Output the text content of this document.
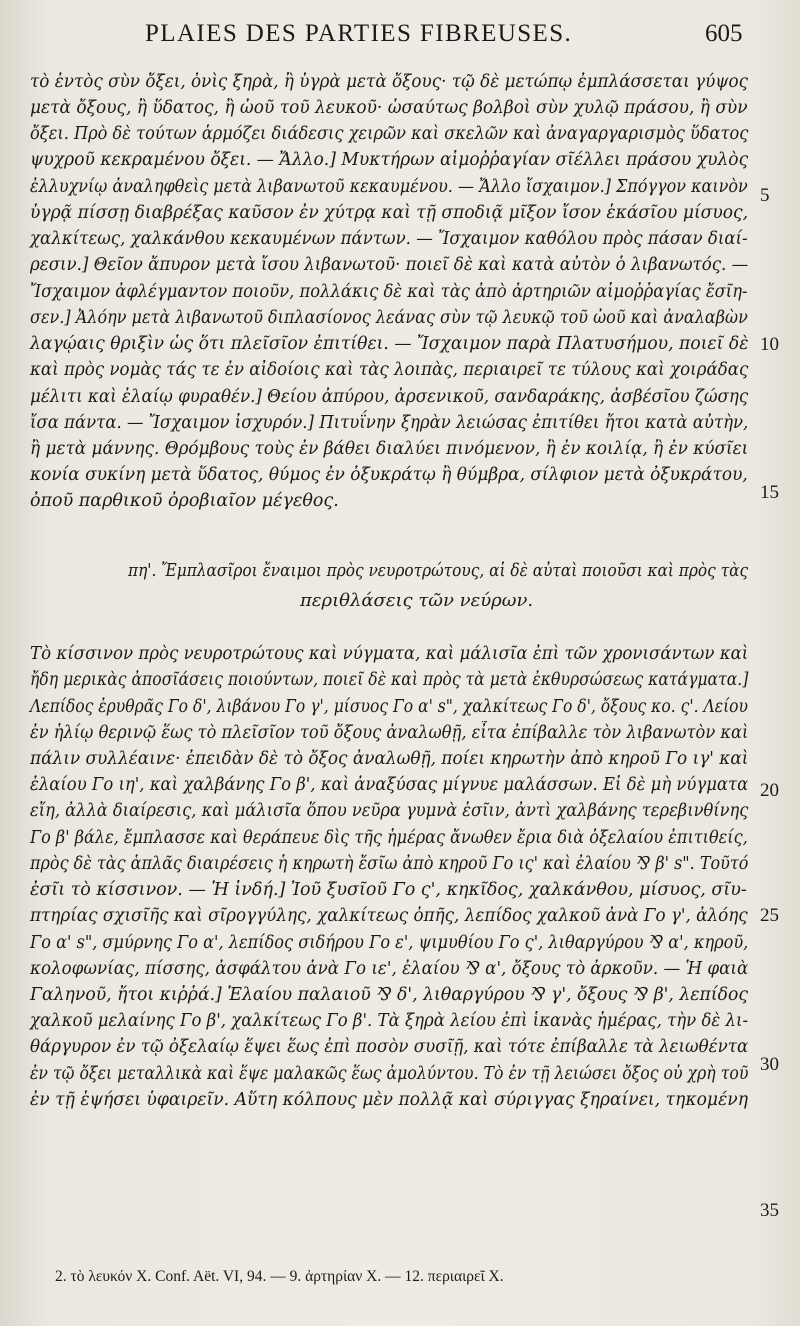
PLAIES DES PARTIES FIBREUSES.	605
τὸ ἐντὸς σὺν ὄξει, ὀνὶς ξηρὰ, ἢ ὑγρὰ μετὰ ὄξους· τῷ δὲ μετώπῳ ἐμπλάσσεται γύψος
μετὰ ὄξους, ἢ ὕδατος, ἢ ὠοῦ τοῦ λευκοῦ· ὡσαύτως βολβοὶ σὺν χυλῷ πράσου, ἢ σὺν
ὄξει. Πρὸ δὲ τούτων ἁρμόζει διάδεσις χειρῶν καὶ σκελῶν καὶ ἀναγαργαρισμὸς ὕδατος
ψυχροῦ κεκραμένου ὄξει. — Ἄλλο.] Μυκτήρων αἱμοῤῥαγίαν σῖέλλει πράσου χυλὸς
ἐλλυχνίῳ ἀναληφθεὶς μετὰ λιβανωτοῦ κεκαυμένου. — Ἄλλο ἴσχαιμον.] Σπόγγον καινὸν
ὑγρᾷ πίσσῃ διαβρέξας καῦσον ἐν χύτρᾳ καὶ τῇ σποδιᾷ μῖξον ἴσον ἑκάσῖου μίσυος,
χαλκίτεως, χαλκάνθου κεκαυμένων πάντων. — Ἴσχαιμον καθόλου πρὸς πάσαν διαί-
ρεσιν.] Θεῖον ἄπυρον μετὰ ἴσου λιβανωτοῦ· ποιεῖ δὲ καὶ κατὰ αὐτὸν ὁ λιβανωτός. —
Ἴσχαιμον ἀφλέγμαντον ποιοῦν, πολλάκις δὲ καὶ τὰς ἀπὸ ἀρτηριῶν αἱμοῤῥαγίας ἔσῖη-
σεν.] Ἀλόην μετὰ λιβανωτοῦ διπλασίονος λεάνας σὺν τῷ λευκῷ τοῦ ὠοῦ καὶ ἀναλαβὼν
λαγῴαις θριξὶν ὡς ὅτι πλεῖσῖον ἐπιτίθει. — Ἴσχαιμον παρὰ Πλατυσήμου, ποιεῖ δὲ
καὶ πρὸς νομὰς τάς τε ἐν αἰδοίοις καὶ τὰς λοιπὰς, περιαιρεῖ τε τύλους καὶ χοιράδας
μέλιτι καὶ ἐλαίῳ φυραθέν.] Θείου ἀπύρου, ἀρσενικοῦ, σανδαράκης, ἀσβέσῖου ζώσης
ἴσα πάντα. — Ἴσχαιμον ἰσχυρόν.] Πιτυΐνην ξηρὰν λειώσας ἐπιτίθει ἤτοι κατὰ αὐτὴν,
ἢ μετὰ μάννης. Θρόμβους τοὺς ἐν βάθει διαλύει πινόμενον, ἢ ἐν κοιλίᾳ, ἢ ἐν κύσῖει
κονία συκίνη μετὰ ὕδατος, θύμος ἐν ὀξυκράτῳ ἢ θύμβρα, σίλφιον μετὰ ὀξυκράτου,
ὀποῦ παρθικοῦ ὀροβιαῖον μέγεθος.
πη'. Ἔμπλασῖροι ἔναιμοι πρὸς νευροτρώτους, αἱ δὲ αὐταὶ ποιοῦσι καὶ πρὸς τὰς
περιθλάσεις τῶν νεύρων.
Τὸ κίσσινον πρὸς νευροτρώτους καὶ νύγματα, καὶ μάλισῖα ἐπὶ τῶν χρονισάντων καὶ
ἤδη μερικὰς ἀποσῖάσεις ποιούντων, ποιεῖ δὲ καὶ πρὸς τὰ μετὰ ἐκθυρσώσεως κατάγματα.]
Λεπίδος ἐρυθρᾶς Γο δ', λιβάνου Γο γ', μίσυος Γο α' s", χαλκίτεως Γο δ', ὄξους κο. ς'. Λείου
ἐν ἡλίῳ θερινῷ ἕως τὸ πλεῖσῖον τοῦ ὄξους ἀναλωθῇ, εἶτα ἐπίβαλλε τὸν λιβανωτὸν καὶ
πάλιν συλλέαινε· ἐπειδὰν δὲ τὸ ὄξος ἀναλωθῇ, ποίει κηρωτὴν ἀπὸ κηροῦ Γο ιγ' καὶ
ἐλαίου Γο ιη', καὶ χαλβάνης Γο β', καὶ ἀναξύσας μίγνυε μαλάσσων. Εἰ δὲ μὴ νύγματα
εἴη, ἀλλὰ διαίρεσις, καὶ μάλισῖα ὅπου νεῦρα γυμνὰ ἐσῖιν, ἀντὶ χαλβάνης τερεβινθίνης
Γο β' βάλε, ἔμπλασσε καὶ θεράπευε δὶς τῆς ἡμέρας ἄνωθεν ἔρια διὰ ὀξελαίου ἐπιτιθείς,
πρὸς δὲ τὰς ἁπλᾶς διαιρέσεις ἡ κηρωτὴ ἔσῖω ἀπὸ κηροῦ Γο ις' καὶ ἐλαίου ⅋ β' s". Τοῦτό
ἐσῖι τὸ κίσσινον. — Ἡ ἰνδή.] Ἰοῦ ξυσῖοῦ Γο ς', κηκῖδος, χαλκάνθου, μίσυος, σῖυ-
πτηρίας σχισῖῆς καὶ σῖρογγύλης, χαλκίτεως ὀπῆς, λεπίδος χαλκοῦ ἀνὰ Γο γ', ἀλόης
Γο α' s", σμύρνης Γο α', λεπίδος σιδήρου Γο ε', ψιμυθίου Γο ς', λιθαργύρου ⅋ α', κηροῦ,
κολοφωνίας, πίσσης, ἀσφάλτου ἀνὰ Γο ιε', ἐλαίου ⅋ α', ὄξους τὸ ἀρκοῦν. — Ἡ φαιὰ
Γαληνοῦ, ἤτοι κιῤῥά.] Ἐλαίου παλαιοῦ ⅋ δ', λιθαργύρου ⅋ γ', ὄξους ⅋ β', λεπίδος
χαλκοῦ μελαίνης Γο β', χαλκίτεως Γο β'. Τὰ ξηρὰ λείου ἐπὶ ἱκανὰς ἡμέρας, τὴν δὲ λι-
θάργυρον ἐν τῷ ὀξελαίῳ ἕψει ἕως ἐπὶ ποσὸν συσῖῇ, καὶ τότε ἐπίβαλλε τὰ λειωθέντα
ἐν τῷ ὄξει μεταλλικὰ καὶ ἕψε μαλακῶς ἕως ἀμολύντου. Τὸ ἐν τῇ λειώσει ὄξος οὐ χρὴ τοῦ
ἐν τῇ ἑψήσει ὑφαιρεῖν. Αὕτη κόλπους μὲν πολλᾷ καὶ σύριγγας ξηραίνει, τηκομένη
5
10
15
20
25
30
35
2. τὸ λευκόν X. Conf. Aët. VI, 94. — 9. ἀρτηρίαν X. — 12. περιαιρεῖ X.
